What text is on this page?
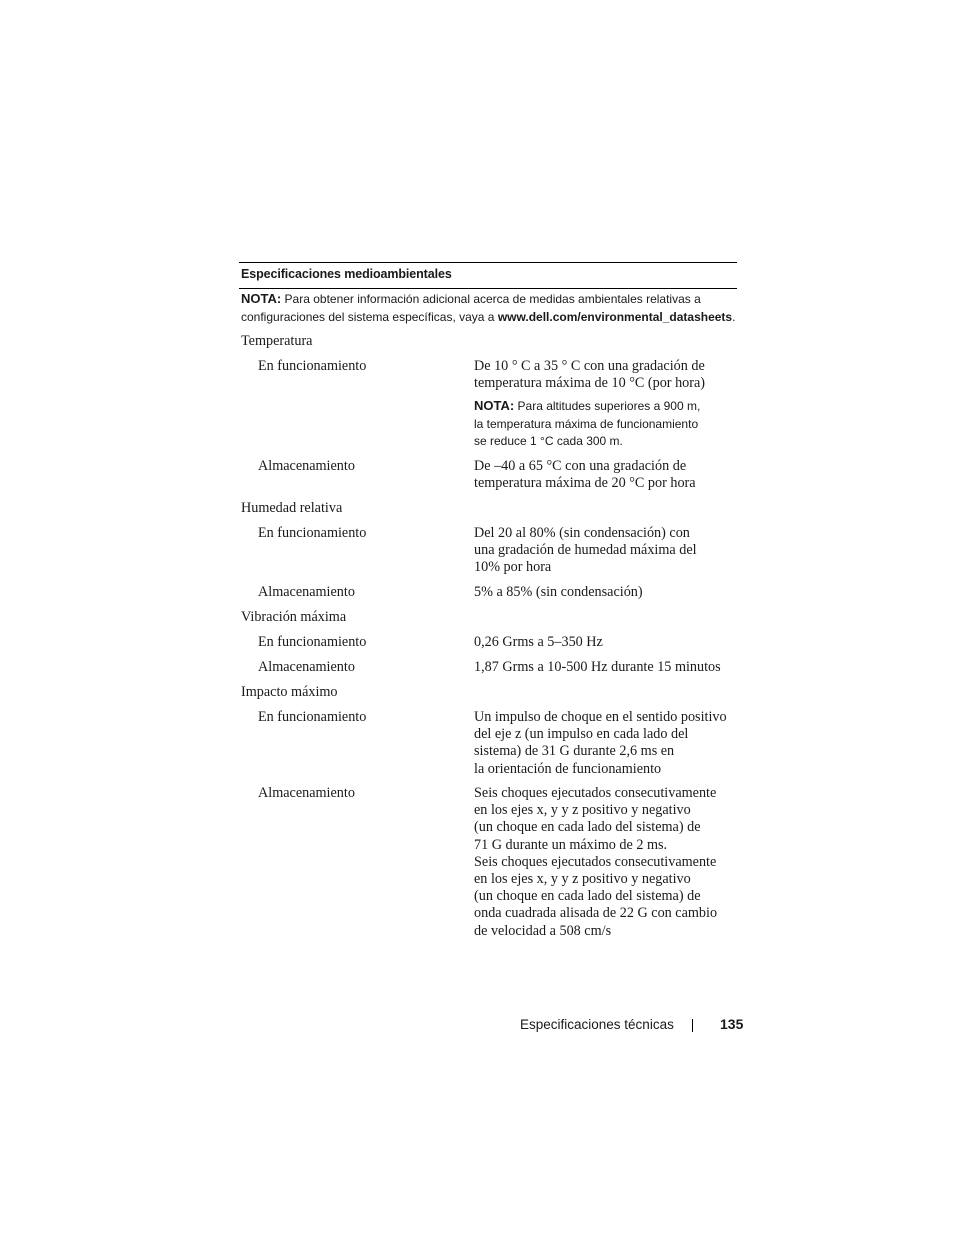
Especificaciones medioambientales
NOTA: Para obtener información adicional acerca de medidas ambientales relativas a
configuraciones del sistema específicas, vaya a www.dell.com/environmental_datasheets.
Temperatura
En funcionamiento	De 10 ° C a 35 ° C con una gradación de
temperatura máxima de 10 °C (por hora)
NOTA: Para altitudes superiores a 900 m,
la temperatura máxima de funcionamiento
se reduce 1 °C cada 300 m.
Almacenamiento	De –40 a 65 °C con una gradación de
temperatura máxima de 20 °C por hora
Humedad relativa
En funcionamiento	Del 20 al 80% (sin condensación) con
una gradación de humedad máxima del
10% por hora
Almacenamiento	5% a 85% (sin condensación)
Vibración máxima
En funcionamiento	0,26 Grms a 5–350 Hz
Almacenamiento	1,87 Grms a 10-500 Hz durante 15 minutos
Impacto máximo
En funcionamiento	Un impulso de choque en el sentido positivo
del eje z (un impulso en cada lado del
sistema) de 31 G durante 2,6 ms en
la orientación de funcionamiento
Almacenamiento	Seis choques ejecutados consecutivamente
en los ejes x, y y z positivo y negativo
(un choque en cada lado del sistema) de
71 G durante un máximo de 2 ms.
Seis choques ejecutados consecutivamente
en los ejes x, y y z positivo y negativo
(un choque en cada lado del sistema) de
onda cuadrada alisada de 22 G con cambio
de velocidad a 508 cm/s
Especificaciones técnicas	135
